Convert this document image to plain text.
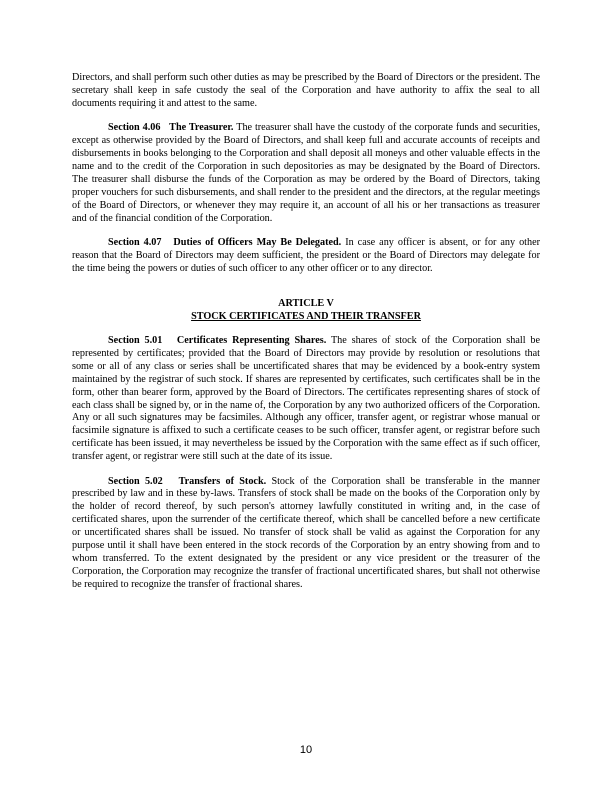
Directors, and shall perform such other duties as may be prescribed by the Board of Directors or the president. The secretary shall keep in safe custody the seal of the Corporation and have authority to affix the seal to all documents requiring it and attest to the same.

Section 4.06 The Treasurer. The treasurer shall have the custody of the corporate funds and securities, except as otherwise provided by the Board of Directors, and shall keep full and accurate accounts of receipts and disbursements in books belonging to the Corporation and shall deposit all moneys and other valuable effects in the name and to the credit of the Corporation in such depositories as may be designated by the Board of Directors. The treasurer shall disburse the funds of the Corporation as may be ordered by the Board of Directors, taking proper vouchers for such disbursements, and shall render to the president and the directors, at the regular meetings of the Board of Directors, or whenever they may require it, an account of all his or her transactions as treasurer and of the financial condition of the Corporation.

Section 4.07 Duties of Officers May Be Delegated. In case any officer is absent, or for any other reason that the Board of Directors may deem sufficient, the president or the Board of Directors may delegate for the time being the powers or duties of such officer to any other officer or to any director.

ARTICLE V

STOCK CERTIFICATES AND THEIR TRANSFER

Section 5.01 Certificates Representing Shares. The shares of stock of the Corporation shall be represented by certificates; provided that the Board of Directors may provide by resolution or resolutions that some or all of any class or series shall be uncertificated shares that may be evidenced by a book-entry system maintained by the registrar of such stock. If shares are represented by certificates, such certificates shall be in the form, other than bearer form, approved by the Board of Directors. The certificates representing shares of stock of each class shall be signed by, or in the name of, the Corporation by any two authorized officers of the Corporation. Any or all such signatures may be facsimiles. Although any officer, transfer agent, or registrar whose manual or facsimile signature is affixed to such a certificate ceases to be such officer, transfer agent, or registrar before such certificate has been issued, it may nevertheless be issued by the Corporation with the same effect as if such officer, transfer agent, or registrar were still such at the date of its issue.

Section 5.02 Transfers of Stock. Stock of the Corporation shall be transferable in the manner prescribed by law and in these by-laws. Transfers of stock shall be made on the books of the Corporation only by the holder of record thereof, by such person's attorney lawfully constituted in writing and, in the case of certificated shares, upon the surrender of the certificate thereof, which shall be cancelled before a new certificate or uncertificated shares shall be issued. No transfer of stock shall be valid as against the Corporation for any purpose until it shall have been entered in the stock records of the Corporation by an entry showing from and to whom transferred. To the extent designated by the president or any vice president or the treasurer of the Corporation, the Corporation may recognize the transfer of fractional uncertificated shares, but shall not otherwise be required to recognize the transfer of fractional shares.

10
